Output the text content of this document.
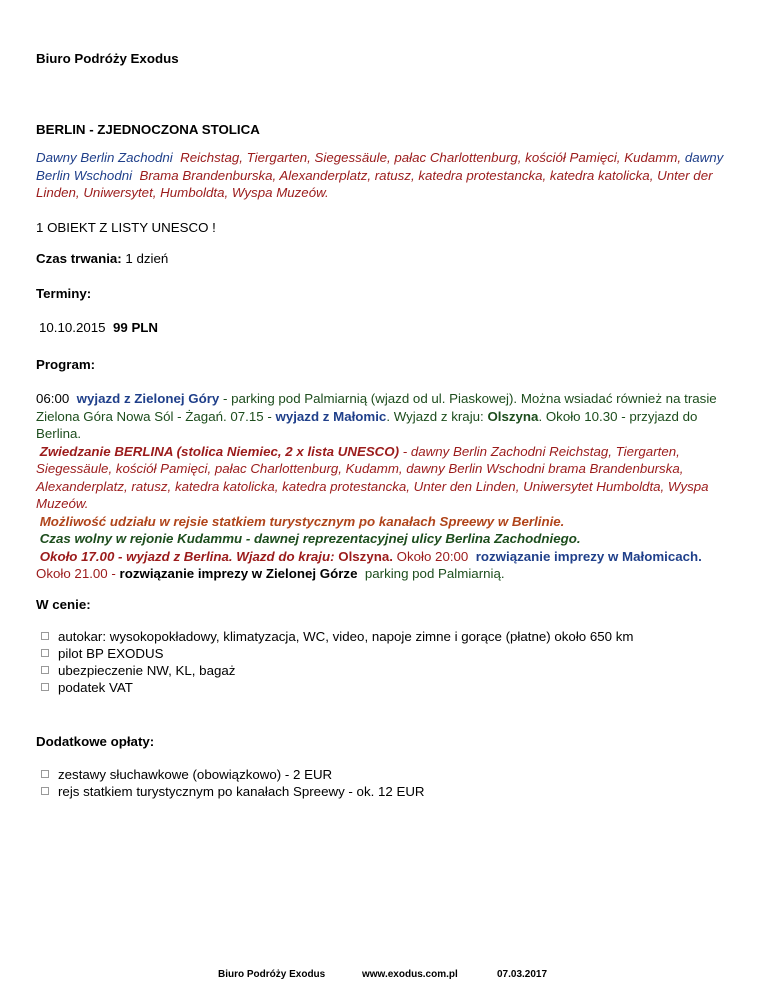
Biuro Podróży Exodus
BERLIN - ZJEDNOCZONA STOLICA
Dawny Berlin Zachodni Reichstag, Tiergarten, Siegessäule, pałac Charlottenburg, kościół Pamięci, Kudamm, dawny Berlin Wschodni Brama Brandenburska, Alexanderplatz, ratusz, katedra protestancka, katedra katolicka, Unter der Linden, Uniwersytet, Humboldta, Wyspa Muzeów.
1 OBIEKT Z LISTY UNESCO !
Czas trwania: 1 dzień
Terminy:
10.10.2015 99 PLN
Program:
06:00 wyjazd z Zielonej Góry - parking pod Palmiarnią (wjazd od ul. Piaskowej). Można wsiadać również na trasie Zielona Góra Nowa Sól - Żagań. 07.15 - wyjazd z Małomic. Wyjazd z kraju: Olszyna. Około 10.30 - przyjazd do Berlina.
Zwiedzanie BERLINA (stolica Niemiec, 2 x lista UNESCO) - dawny Berlin Zachodni Reichstag, Tiergarten, Siegessäule, kościół Pamięci, pałac Charlottenburg, Kudamm, dawny Berlin Wschodni brama Brandenburska, Alexanderplatz, ratusz, katedra katolicka, katedra protestancka, Unter den Linden, Uniwersytet Humboldta, Wyspa Muzeów.
Możliwość udziału w rejsie statkiem turystycznym po kanałach Spreewy w Berlinie.
Czas wolny w rejonie Kudammu - dawnej reprezentacyjnej ulicy Berlina Zachodniego.
Około 17.00 - wyjazd z Berlina. Wjazd do kraju: Olszyna. Około 20:00 rozwiązanie imprezy w Małomicach. Około 21.00 - rozwiązanie imprezy w Zielonej Górze parking pod Palmiarnią.
W cenie:
autokar: wysokopokładowy, klimatyzacja, WC, video, napoje zimne i gorące (płatne) około 650 km
pilot BP EXODUS
ubezpieczenie NW, KL, bagaż
podatek VAT
Dodatkowe opłaty:
zestawy słuchawkowe (obowiązkowo) - 2 EUR
rejs statkiem turystycznym po kanałach Spreewy - ok. 12 EUR
Biuro Podróży Exodus	www.exodus.com.pl	07.03.2017
